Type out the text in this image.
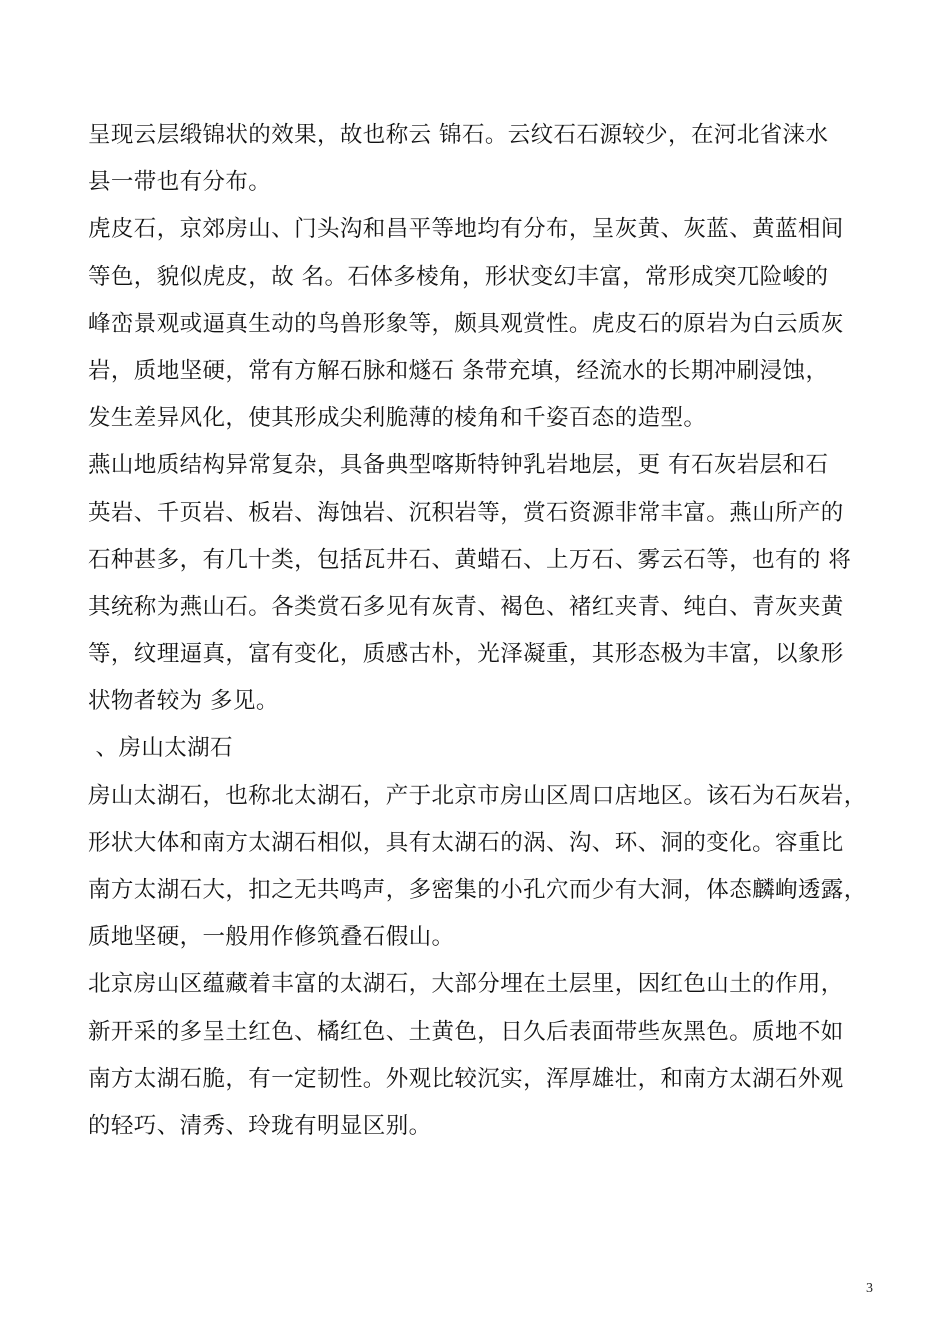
呈现云层缎锦状的效果，故也称云 锦石。云纹石石源较少，在河北省涞水
县一带也有分布。
虎皮石，京郊房山、门头沟和昌平等地均有分布，呈灰黄、灰蓝、黄蓝相间
等色，貌似虎皮，故 名。石体多棱角，形状变幻丰富，常形成突兀险峻的
峰峦景观或逼真生动的鸟兽形象等，颇具观赏性。虎皮石的原岩为白云质灰
岩，质地坚硬，常有方解石脉和燧石 条带充填，经流水的长期冲刷浸蚀，
发生差异风化，使其形成尖利脆薄的棱角和千姿百态的造型。
燕山地质结构异常复杂，具备典型喀斯特钟乳岩地层，更 有石灰岩层和石
英岩、千页岩、板岩、海蚀岩、沉积岩等，赏石资源非常丰富。燕山所产的
石种甚多，有几十类，包括瓦井石、黄蜡石、上万石、雾云石等，也有的 将
其统称为燕山石。各类赏石多见有灰青、褐色、褚红夹青、纯白、青灰夹黄
等，纹理逼真，富有变化，质感古朴，光泽凝重，其形态极为丰富，以象形
状物者较为 多见。
、房山太湖石
房山太湖石，也称北太湖石，产于北京市房山区周口店地区。该石为石灰岩，
形状大体和南方太湖石相似，具有太湖石的涡、沟、环、洞的变化。容重比
南方太湖石大，扣之无共鸣声，多密集的小孔穴而少有大洞，体态麟峋透露，
质地坚硬，一般用作修筑叠石假山。
北京房山区蕴藏着丰富的太湖石，大部分埋在土层里，因红色山土的作用，
新开采的多呈土红色、橘红色、土黄色，日久后表面带些灰黑色。质地不如
南方太湖石脆，有一定韧性。外观比较沉实，浑厚雄壮，和南方太湖石外观
的轻巧、清秀、玲珑有明显区别。
3
